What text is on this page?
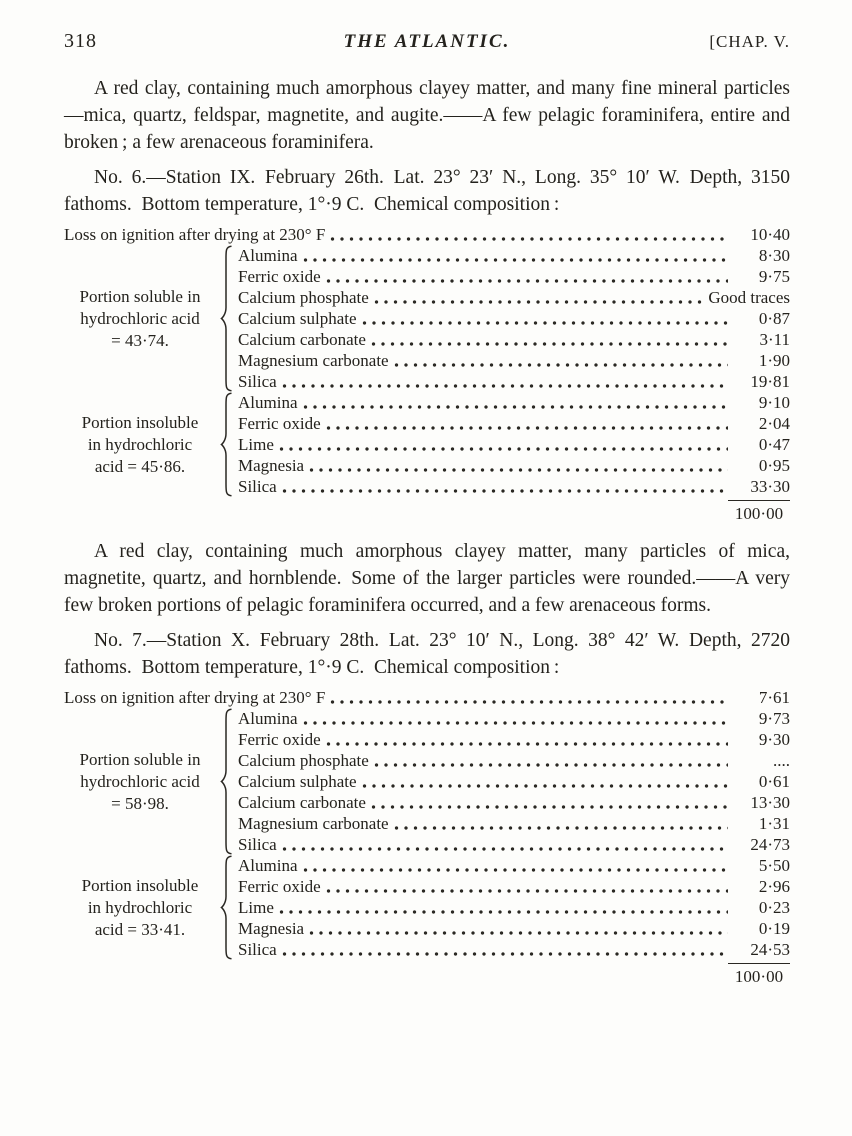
318	THE ATLANTIC.	[CHAP. V.

A red clay, containing much amorphous clayey matter, and many fine mineral particles—mica, quartz, feldspar, magnetite, and augite.——A few pelagic foraminifera, entire and broken ; a few arenaceous foraminifera.

No. 6.—Station IX. February 26th. Lat. 23° 23′ N., Long. 35° 10′ W. Depth, 3150 fathoms. Bottom temperature, 1°·9 C. Chemical composition :

Loss on ignition after drying at 230° F	10·40
Portion soluble in
hydrochloric acid
= 43·74.
Alumina	8·30
Ferric oxide	9·75
Calcium phosphate	Good traces
Calcium sulphate	0·87
Calcium carbonate	3·11
Magnesium carbonate	1·90
Silica	19·81
Portion insoluble
in hydrochloric
acid = 45·86.
Alumina	9·10
Ferric oxide	2·04
Lime	0·47
Magnesia	0·95
Silica	33·30
100·00

A red clay, containing much amorphous clayey matter, many particles of mica, magnetite, quartz, and hornblende. Some of the larger particles were rounded.——A very few broken portions of pelagic foraminifera occurred, and a few arenaceous forms.

No. 7.—Station X. February 28th. Lat. 23° 10′ N., Long. 38° 42′ W. Depth, 2720 fathoms. Bottom temperature, 1°·9 C. Chemical composition :

Loss on ignition after drying at 230° F	7·61
Portion soluble in
hydrochloric acid
= 58·98.
Alumina	9·73
Ferric oxide	9·30
Calcium phosphate	....
Calcium sulphate	0·61
Calcium carbonate	13·30
Magnesium carbonate	1·31
Silica	24·73
Portion insoluble
in hydrochloric
acid = 33·41.
Alumina	5·50
Ferric oxide	2·96
Lime	0·23
Magnesia	0·19
Silica	24·53
100·00
